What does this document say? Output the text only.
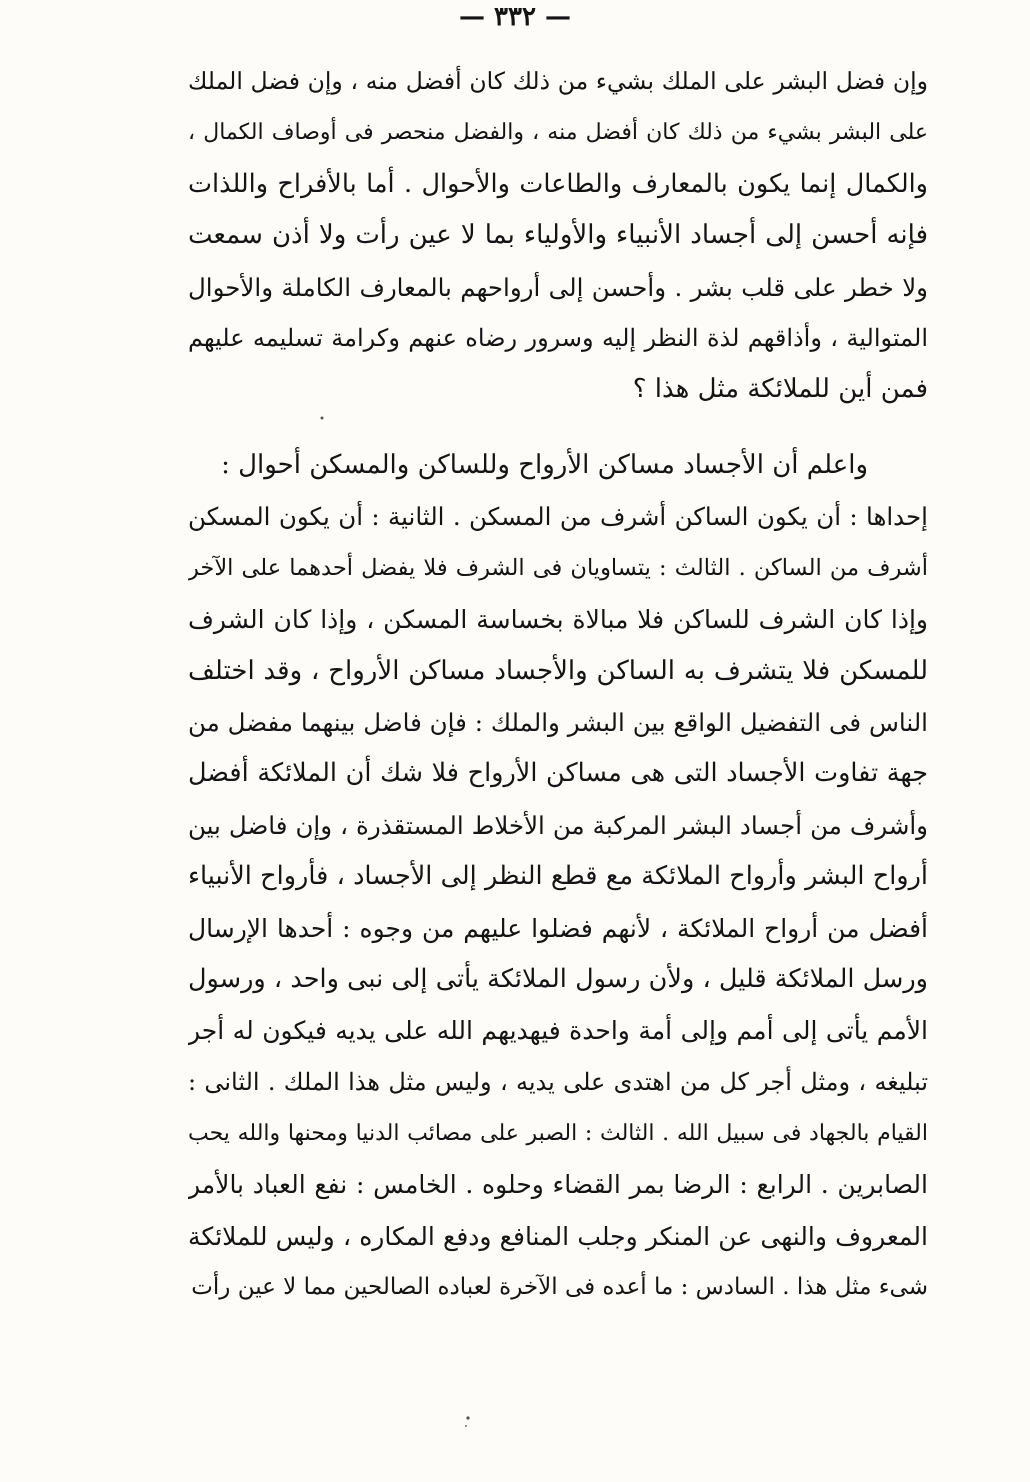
— ٣٣٢ —
وإن فضل البشر على الملك بشيء من ذلك كان أفضل منه ، وإن فضل الملك
على البشر بشيء من ذلك كان أفضل منه ، والفضل منحصر فى أوصاف الكمال ،
والكمال إنما يكون بالمعارف والطاعات والأحوال . أما بالأفراح واللذات
فإنه أحسن إلى أجساد الأنبياء والأولياء بما لا عين رأت ولا أذن سمعت
ولا خطر على قلب بشر . وأحسن إلى أرواحهم بالمعارف الكاملة والأحوال
المتوالية ، وأذاقهم لذة النظر إليه وسرور رضاه عنهم وكرامة تسليمه عليهم
فمن أين للملائكة مثل هذا ؟
واعلم أن الأجساد مساكن الأرواح وللساكن والمسكن أحوال :
إحداها : أن يكون الساكن أشرف من المسكن . الثانية : أن يكون المسكن
أشرف من الساكن . الثالث : يتساويان فى الشرف فلا يفضل أحدهما على الآخر
وإذا كان الشرف للساكن فلا مبالاة بخساسة المسكن ، وإذا كان الشرف
للمسكن فلا يتشرف به الساكن والأجساد مساكن الأرواح ، وقد اختلف
الناس فى التفضيل الواقع بين البشر والملك : فإن فاضل بينهما مفضل من
جهة تفاوت الأجساد التى هى مساكن الأرواح فلا شك أن الملائكة أفضل
وأشرف من أجساد البشر المركبة من الأخلاط المستقذرة ، وإن فاضل بين
أرواح البشر وأرواح الملائكة مع قطع النظر إلى الأجساد ، فأرواح الأنبياء
أفضل من أرواح الملائكة ، لأنهم فضلوا عليهم من وجوه : أحدها الإرسال
ورسل الملائكة قليل ، ولأن رسول الملائكة يأتى إلى نبى واحد ، ورسول
الأمم يأتى إلى أمم وإلى أمة واحدة فيهديهم الله على يديه فيكون له أجر
تبليغه ، ومثل أجر كل من اهتدى على يديه ، وليس مثل هذا الملك . الثانى :
القيام بالجهاد فى سبيل الله . الثالث : الصبر على مصائب الدنيا ومحنها والله يحب
الصابرين . الرابع : الرضا بمر القضاء وحلوه . الخامس : نفع العباد بالأمر
المعروف والنهى عن المنكر وجلب المنافع ودفع المكاره ، وليس للملائكة
شىء مثل هذا . السادس : ما أعده فى الآخرة لعباده الصالحين مما لا عين رأت
